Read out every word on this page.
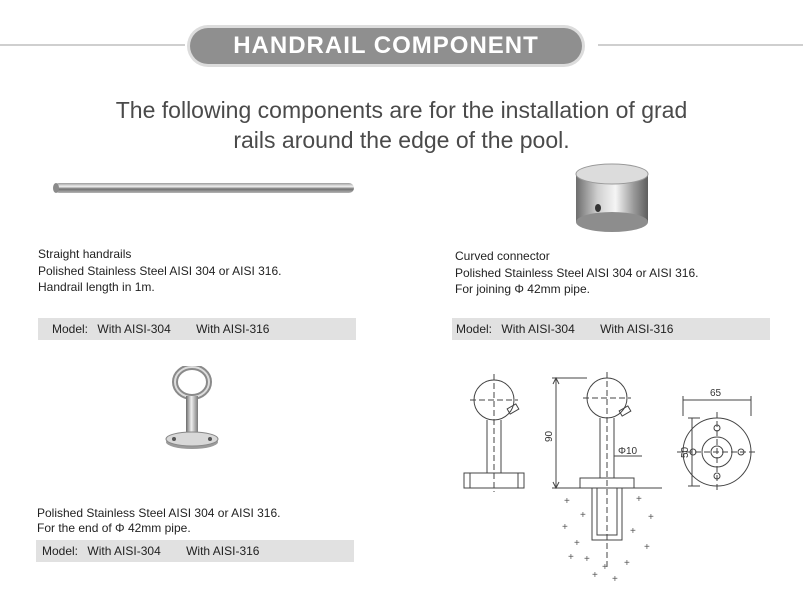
HANDRAIL COMPONENT
The following components are for the installation of grad
rails around the edge of the pool.
Straight handrails
Polished Stainless Steel AISI 304 or AISI 316.
Handrail length in 1m.
Model: With AISI-304 With AISI-316
Curved connector
Polished Stainless Steel AISI 304 or AISI 316.
For joining Φ 42mm pipe.
Model: With AISI-304 With AISI-316
+
+
+
+
+
+
+
+
+
+ +
+
+ +
90
Φ10
65
50
Polished Stainless Steel AISI 304 or AISI 316.
For the end of Φ 42mm pipe.
Model: With AISI-304 With AISI-316
